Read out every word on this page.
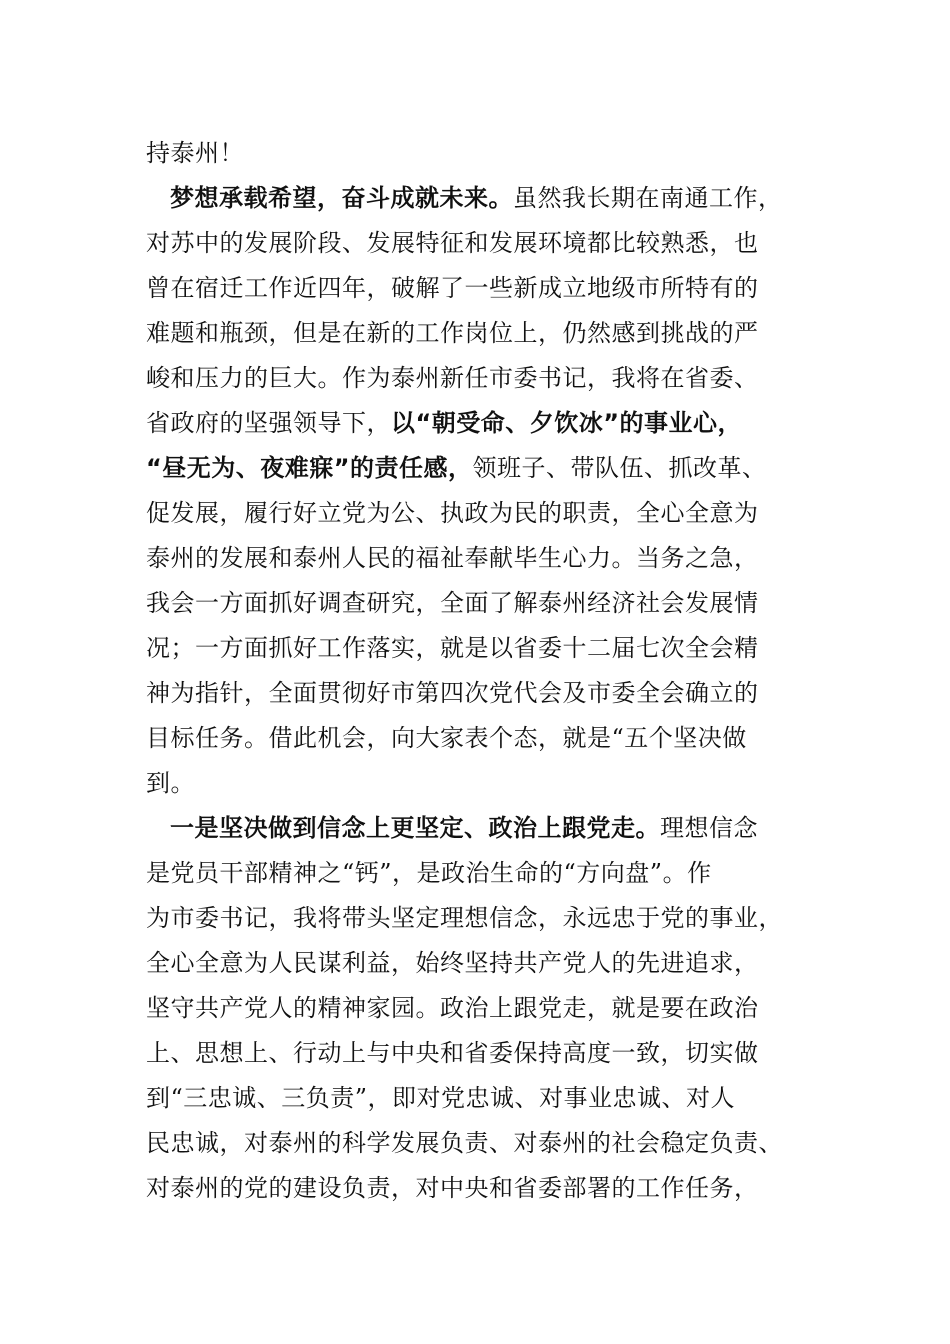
持泰州！
梦想承载希望，奋斗成就未来。虽然我长期在南通工作，
对苏中的发展阶段、发展特征和发展环境都比较熟悉，也
曾在宿迁工作近四年，破解了一些新成立地级市所特有的
难题和瓶颈，但是在新的工作岗位上，仍然感到挑战的严
峻和压力的巨大。作为泰州新任市委书记，我将在省委、
省政府的坚强领导下，以“朝受命、夕饮冰”的事业心，
“昼无为、夜难寐”的责任感，领班子、带队伍、抓改革、
促发展，履行好立党为公、执政为民的职责，全心全意为
泰州的发展和泰州人民的福祉奉献毕生心力。当务之急，
我会一方面抓好调查研究，全面了解泰州经济社会发展情
况；一方面抓好工作落实，就是以省委十二届七次全会精
神为指针，全面贯彻好市第四次党代会及市委全会确立的
目标任务。借此机会，向大家表个态，就是“五个坚决做
到。
一是坚决做到信念上更坚定、政治上跟党走。理想信念
是党员干部精神之“钙”，是政治生命的“方向盘”。作
为市委书记，我将带头坚定理想信念，永远忠于党的事业，
全心全意为人民谋利益，始终坚持共产党人的先进追求，
坚守共产党人的精神家园。政治上跟党走，就是要在政治
上、思想上、行动上与中央和省委保持高度一致，切实做
到“三忠诚、三负责”，即对党忠诚、对事业忠诚、对人
民忠诚，对泰州的科学发展负责、对泰州的社会稳定负责、
对泰州的党的建设负责，对中央和省委部署的工作任务，
